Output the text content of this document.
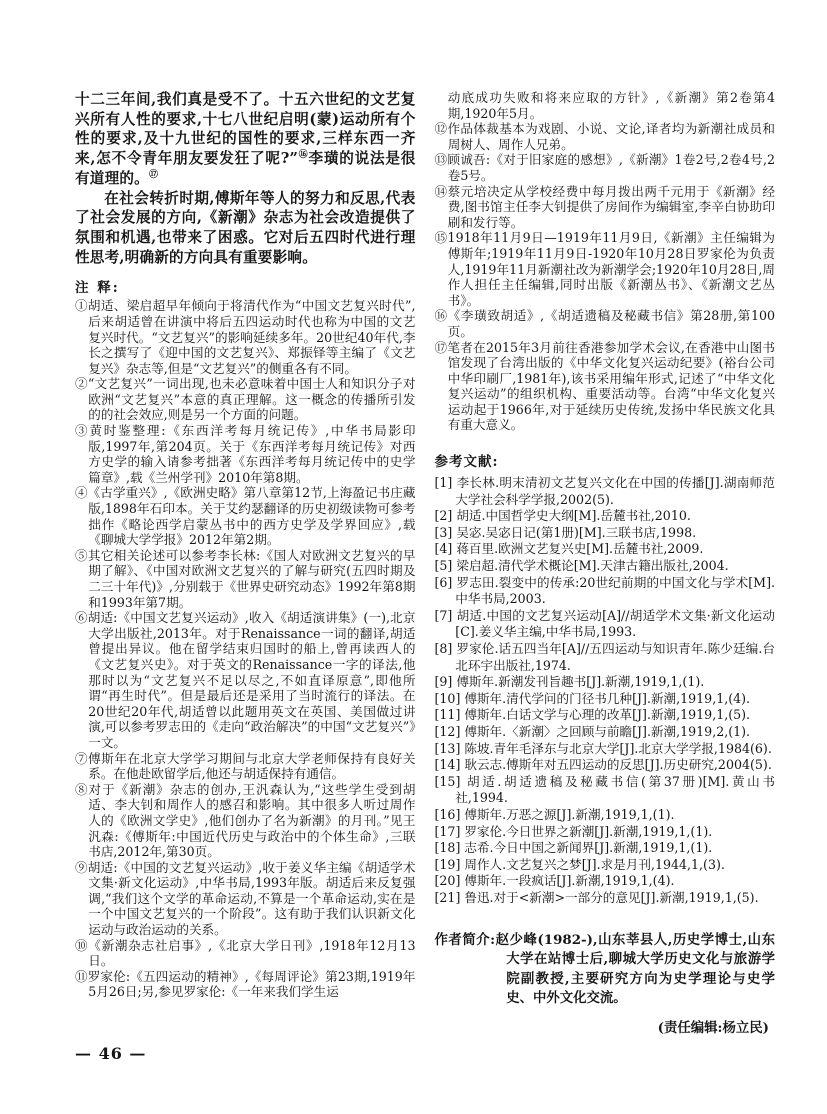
十二三年间,我们真是受不了。十五六世纪的文艺复兴所有人性的要求,十七八世纪启明(蒙)运动所有个性的要求,及十九世纪的国性的要求,三样东西一齐来,怎不令青年朋友要发狂了呢?”⑯李璜的说法是很有道理的。⑰

在社会转折时期,傅斯年等人的努力和反思,代表了社会发展的方向,《新潮》杂志为社会改造提供了氛围和机遇,也带来了困惑。它对后五四时代进行理性思考,明确新的方向具有重要影响。

注 释:

①胡适、梁启超早年倾向于将清代作为“中国文艺复兴时代”,后来胡适曾在讲演中将后五四运动时代也称为中国的文艺复兴时代。“文艺复兴”的影响延续多年。20世纪40年代,李长之撰写了《迎中国的文艺复兴》、郑振铎等主编了《文艺复兴》杂志等,但是“文艺复兴”的侧重各有不同。

②“文艺复兴”一词出现,也未必意味着中国士人和知识分子对欧洲“文艺复兴”本意的真正理解。这一概念的传播所引发的的社会效应,则是另一个方面的问题。

③黄时鉴整理:《东西洋考每月统记传》,中华书局影印版,1997年,第204页。关于《东西洋考每月统记传》对西方史学的输入请参考拙著《东西洋考每月统记传中的史学篇章》,载《兰州学刊》2010年第8期。

④《古学重兴》,《欧洲史略》第八章第12节,上海盈记书庄藏版,1898年石印本。关于艾约瑟翻译的历史初级读物可参考拙作《略论西学启蒙丛书中的西方史学及学界回应》,载《聊城大学学报》2012年第2期。

⑤其它相关论述可以参考李长林:《国人对欧洲文艺复兴的早期了解》、《中国对欧洲文艺复兴的了解与研究(五四时期及二三十年代)》,分别载于《世界史研究动态》1992年第8期和1993年第7期。

⑥胡适:《中国文艺复兴运动》,收入《胡适演讲集》(一),北京大学出版社,2013年。对于Renaissance一词的翻译,胡适曾提出异议。他在留学结束归国时的船上,曾再读西人的《文艺复兴史》。对于英文的Renaissance一字的译法,他那时以为“文艺复兴不足以尽之,不如直译原意”,即他所谓“再生时代”。但是最后还是采用了当时流行的译法。在20世纪20年代,胡适曾以此题用英文在英国、美国做过讲演,可以参考罗志田的《走向“政治解决”的中国“文艺复兴”》一文。

⑦傅斯年在北京大学学习期间与北京大学老师保持有良好关系。在他赴欧留学后,他还与胡适保持有通信。

⑧对于《新潮》杂志的创办,王汎森认为,“这些学生受到胡适、李大钊和周作人的感召和影响。其中很多人听过周作人的《欧洲文学史》,他们创办了名为新潮》的月刊。”见王汎森:《傅斯年:中国近代历史与政治中的个体生命》,三联书店,2012年,第30页。

⑨胡适:《中国的文艺复兴运动》,收于姜义华主编《胡适学术文集·新文化运动》,中华书局,1993年版。胡适后来反复强调,“我们这个文学的革命运动,不算是一个革命运动,实在是一个中国文艺复兴的一个阶段”。这有助于我们认识新文化运动与政治运动的关系。

⑩《新潮杂志社启事》,《北京大学日刊》,1918年12月13日。

⑪罗家伦:《五四运动的精神》,《每周评论》第23期,1919年5月26日;另,参见罗家伦:《一年来我们学生运

动底成功失败和将来应取的方针》,《新潮》第2卷第4期,1920年5月。

⑫作品体裁基本为戏剧、小说、文论,译者均为新潮社成员和周树人、周作人兄弟。

⑬顾诚吾:《对于旧家庭的感想》,《新潮》1卷2号,2卷4号,2卷5号。

⑭蔡元培决定从学校经费中每月拨出两千元用于《新潮》经费,图书馆主任李大钊提供了房间作为编辑室,李辛白协助印刷和发行等。

⑮1918年11月9日—1919年11月9日,《新潮》主任编辑为傅斯年;1919年11月9日-1920年10月28日罗家伦为负责人,1919年11月新潮社改为新潮学会;1920年10月28日,周作人担任主任编辑,同时出版《新潮丛书》、《新潮文艺丛书》。

⑯《李璜致胡适》,《胡适遗稿及秘藏书信》第28册,第100页。

⑰笔者在2015年3月前往香港参加学术会议,在香港中山图书馆发现了台湾出版的《中华文化复兴运动纪要》(裕台公司中华印刷厂,1981年),该书采用编年形式,记述了“中华文化复兴运动”的组织机构、重要活动等。台湾“中华文化复兴运动起于1966年,对于延续历史传统,发扬中华民族文化具有重大意义。

参考文献:

[1] 李长林.明末清初文艺复兴文化在中国的传播[J].湖南师范大学社会科学学报,2002(5).

[2] 胡适.中国哲学史大纲[M].岳麓书社,2010.

[3] 吴宓.吴宓日记(第1册)[M].三联书店,1998.

[4] 蒋百里.欧洲文艺复兴史[M].岳麓书社,2009.

[5] 梁启超.清代学术概论[M].天津古籍出版社,2004.

[6] 罗志田.裂变中的传承:20世纪前期的中国文化与学术[M].中华书局,2003.

[7] 胡适.中国的文艺复兴运动[A]//胡适学术文集·新文化运动[C].姜义华主编,中华书局,1993.

[8] 罗家伦.话五四当年[A]//五四运动与知识青年.陈少廷编.台北环宇出版社,1974.

[9] 傅斯年.新潮发刊旨趣书[J].新潮,1919,1,(1).

[10] 傅斯年.清代学问的门径书几种[J].新潮,1919,1,(4).

[11] 傅斯年.白话文学与心理的改革[J].新潮,1919,1,(5).

[12] 傅斯年.〈新潮〉之回顾与前瞻[J].新潮,1919,2,(1).

[13] 陈坡.青年毛泽东与北京大学[J].北京大学学报,1984(6).

[14] 耿云志.傅斯年对五四运动的反思[J].历史研究,2004(5).

[15] 胡适.胡适遗稿及秘藏书信(第37册)[M].黄山书社,1994.

[16] 傅斯年.万恶之源[J].新潮,1919,1,(1).

[17] 罗家伦.今日世界之新潮[J].新潮,1919,1,(1).

[18] 志希.今日中国之新闻界[J].新潮,1919,1,(1).

[19] 周作人.文艺复兴之梦[J].求是月刊,1944,1,(3).

[20] 傅斯年.一段疯话[J].新潮,1919,1,(4).

[21] 鲁迅.对于<新潮>一部分的意见[J].新潮,1919,1,(5).

作者简介:赵少峰(1982-),山东莘县人,历史学博士,山东大学在站博士后,聊城大学历史文化与旅游学院副教授,主要研究方向为史学理论与史学史、中外文化交流。
(责任编辑:杨立民)
— 46 —
